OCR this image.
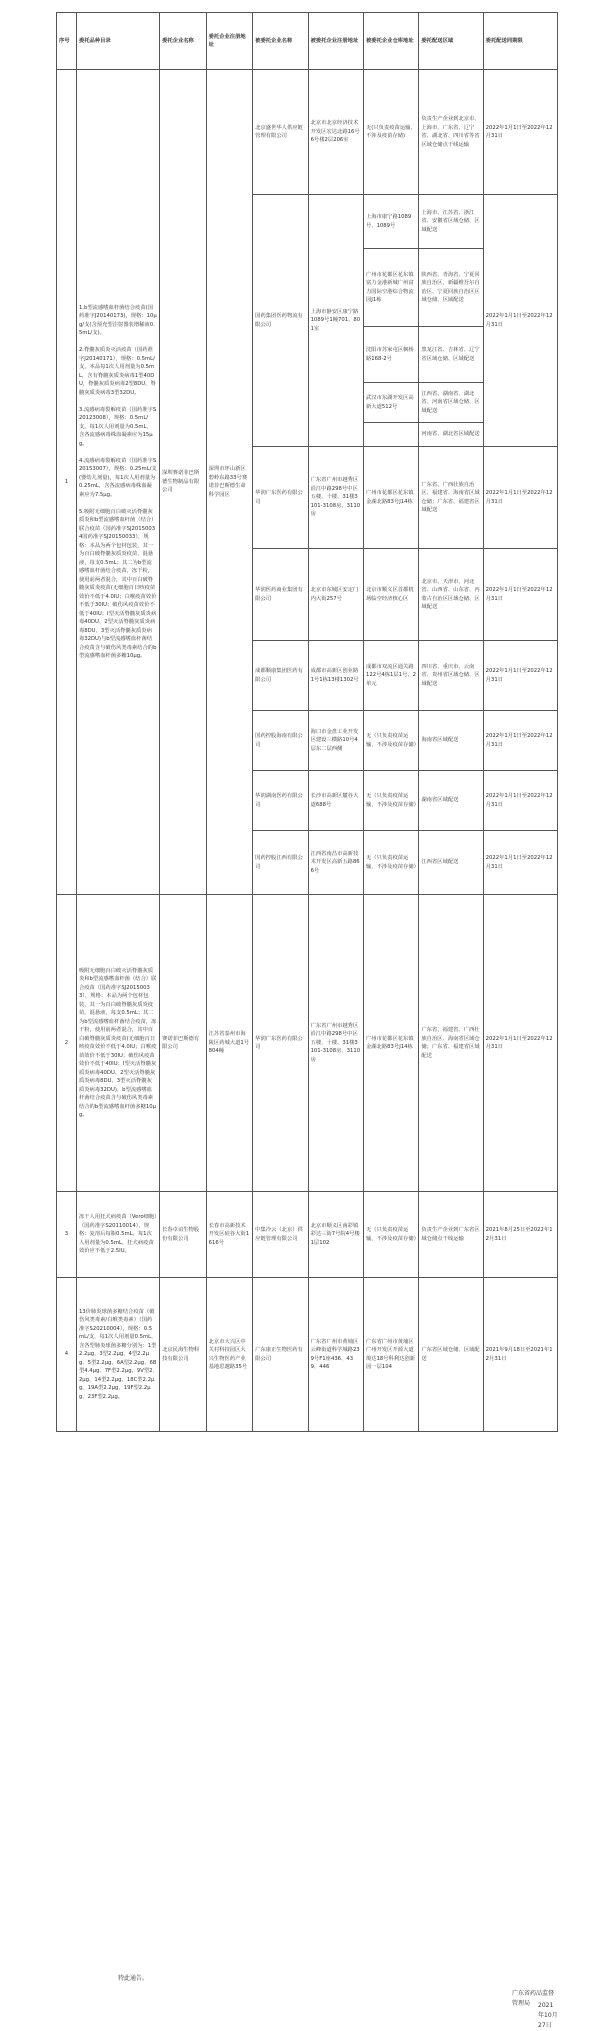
序号	委托品种目录	委托企业名称	委托企业注册地址	被委托企业名称	被委托企业注册地址	被委托企业仓库地址	委托配送区域	委托配送同期限
1	1.b型流感嗜血杆菌结合疫苗(国药准字J20140173)，规格：10μg/支(含预充型注射器装增稀液0.5mL/支)。

2.脊髓灰质炎灭活疫苗（国药准字J20140171），规格：0.5mL/支，本品每1次人用剂量为0.5mL，含有脊髓灰质炎病毒1型40DU，脊髓灰质炎病毒2型8DU，脊髓灰质炎病毒3型32DU。

3.流感病毒裂解疫苗（国药准字S20123008），规格：0.5mL/支，每1次人用剂量为0.5mL，含各流感病毒株血凝素应为15μg。

4.流感病毒裂解疫苗（国药准字S20153007），规格：0.25mL/支(婴幼儿剂量)，每1次人用剂量为0.25mL，含各流感病毒株血凝素应为7.5μg。

5.吸附无细胞百白破灭活脊髓灰质炎和b型流感嗜血杆菌（结合）联合疫苗（国药准字SJ20150034国药准字SJ20150033），规格：本品为两个包材包装，其一为百白破脊髓灰质炎疫苗，混悬液，每支0.5mL；其二为b型流感嗜血杆菌结合疫苗，冻干粉，使用前两者混合，其中百白破脊髓灰质炎疫苗(无细胞百日咳疫苗效价不低于4.0IU；白喉疫苗效价不低于30IU；破伤风疫苗效价不低于40IU；I型灭活脊髓灰质炎病毒40DU、2型灭活脊髓灰质炎病毒8DU、3型灭活脊髓灰质炎病毒32DU)与b型流感嗜血杆菌结合疫苗含与破伤风类毒素结合的b型流感嗜血杆菌多糖10μg。	深圳赛诺菲巴斯德生物制品有限公司	深圳市坪山新区碧岭东路33号赛诺菲巴斯德生命科学园区	北京盛世华人供应链管理有限公司	北京市北京经济技术开发区宏达北路16号6号楼2层206室	无(只负责疫苗运输，不涉及疫苗存储)	负责生产企业到北京市、上海市、广东省、辽宁省、湖北省、四川省等省区域仓储点干线运输	2022年1月1日至2022年12月31日
				国药集团医药物流有限公司	上海市静安区康宁路1089号1幢701、801室	上海市康宁路1089号、1089号	上海市、江苏省、浙江省、安徽省区域仓储、区域配送	2022年1月1日至2022年12月31日
						广州市花都区花东镇富力金港新城广州富力国际空港综合物流园J1栋	陕西省、青海省、宁夏回族自治区、新疆维吾尔自治区、宁夏回族自治区区域仓储、区域配送	
						沈阳市苏家屯区枫杨路168-2号	黑龙江省、吉林省、辽宁省区域仓储、区域配送	
						武汉市东湖开发区高新大道512号	江西省、湖南省、湖北省、河南省区域仓储、区域配送	
							河南省、湖北省区域配送	
				华润广东医药有限公司	广东省广州市越秀区沿江中路298号中区五楼、十楼、31楼3101-3108房、3110房	广州市花都区花东镇金湖北路83号J14栋	广东省、广西壮族自治区、福建省、海南省区域仓储；广东省、福建省区域配送	2022年1月1日至2022年12月31日
				华润医药商业集团有限公司	北京市东城区安定门内大街257号	北京市顺义区首都机场临空经济核心区	北京市、天津市、河北省、山西省、山东省、内蒙古自治区区域仓储、区域配送	2022年1月1日至2022年12月31日
				成都顺康集团医药有限公司	成都市高新区创业路1号1栋13楼1302号	成都市双流区通关路122号4栋1层1号、2单元	四川省、重庆市、云南省、贵州省区域仓储、区域配送	2022年1月1日至2022年12月31日
				国药控股海南有限公司	海口市金盘工业开发区建设三横路10号4层东二层西侧	无（只负责疫苗运输，不涉及疫苗存储）	海南省区域配送	2022年1月1日至2022年12月31日
				华润湖南医药有限公司	长沙市高新区麓谷大道688号	无（只负责疫苗运输，不涉及疫苗存储）	湖南省区域配送	2022年1月1日至2022年12月31日
				国药控股江西有限公司	江西省南昌市高新技术开发区高新五路866号	无（只负责疫苗运输，不涉及疫苗存储）	江西省区域配送	2022年1月1日至2022年12月31日
2	吸附无细胞百白破灭活脊髓灰质炎和b型流感嗜血杆菌（结合）联合疫苗（国药准字SJ20150033），规格：本品为两个包材包装，其一为百白破脊髓灰质炎疫苗，混悬液，每支0.5mL；其二为b型流感嗜血杆菌结合疫苗，冻干粉，使用前两者混合，其中百白破脊髓灰质炎疫苗(无细胞百日咳疫苗效价不低于4.0IU；白喉疫苗效价不低于30IU；破伤风疫苗效价不低于40IU；I型灭活脊髓灰质炎病毒40DU、2型灭活脊髓灰质炎病毒8DU、3型灭活脊髓灰质炎病毒32DU)，b型流感嗜血杆菌结合疫苗含与破伤风类毒素结合的b型流感嗜血杆菌多糖10μg。	赛诺菲巴斯德有限公司	江苏省泰州市海陵区药城大道1号804幢	华润广东医药有限公司	广东省广州市越秀区沿江中路298号中区五楼、十楼、31楼3101-3108房、3110房	广州市花都区花东镇金湖北路83号J14栋	广东省、福建省、广西壮族自治区、海南省区域仓储；广东省、福建省区域配送	2022年1月1日至2022年12月31日
3	冻干人用狂犬病疫苗（Vero细胞）（国药准字S20110014），规格：复溶后每瓶0.5mL，每1次人用剂量为0.5mL，狂犬病疫苗效价应不低于2.5IU。	长春卓谊生物股份有限公司	长春市高新技术开发区硅谷大街1616号	中集冷云（北京）供应链管理有限公司	北京市顺义区南彩镇彩达三街7号院4号楼1层102	无（只负责疫苗运输，不涉及疫苗存储）	负责生产企业到广东省区域仓储点干线运输	2021年8月25日至2022年12月31日
4	13价肺炎球菌多糖结合疫苗（破伤风类毒素/白喉类毒素）（国药准字S20210004），规格：0.5mL/支，每1次人用剂量0.5mL，含各型肺炎球菌多糖分别为：1型2.2μg、3型2.2μg、4型2.2μg、5型2.2μg、6A型2.2μg、6B型4.4μg、7F型2.2μg、9V型2.2μg、14型2.2μg、18C型2.2μg、19A型2.2μg、19F型2.2μg、23F型2.2μg。	北京民海生物科技有限公司	北京市大兴区中关村科技园区大兴生物医药产业基地思邈路35号	广东康正生物医药有限公司	广东省广州市黄埔区云峰街道科学城路239号F1座436、439、446	广东省广州市黄埔区广州开发区开源大道境达18号科利达创新园一层104	广东省区域仓储、区域配送	2021年9月18日至2021年12月31日
特此通告。
广东省药品监督管理局	2021年10月27日
